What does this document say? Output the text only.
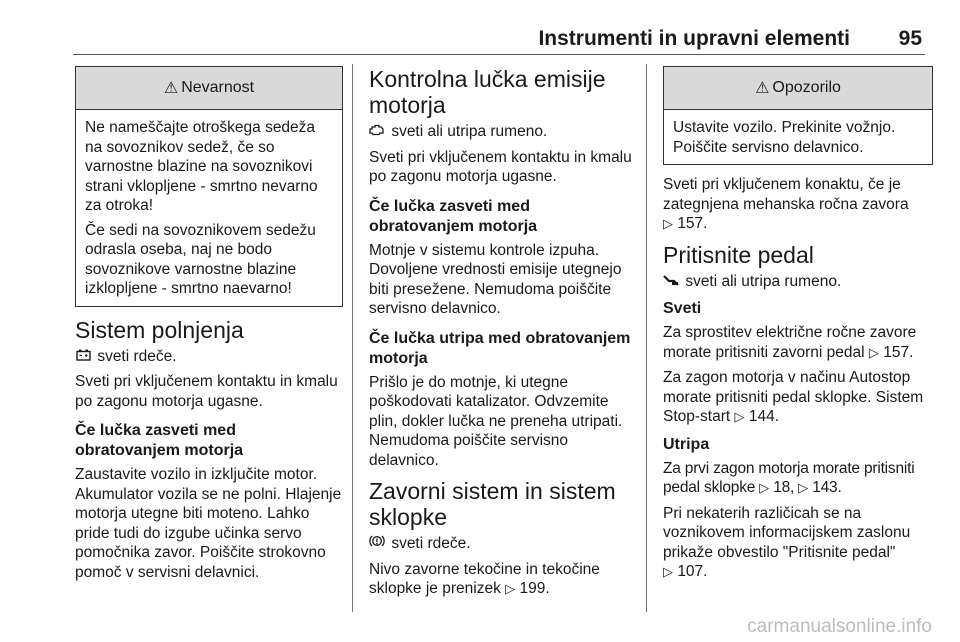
Instrumenti in upravni elementi 95
⚠ Nevarnost

Ne nameščajte otroškega sedeža na sovoznikov sedež, če so varnostne blazine na sovoznikovi strani vklopljene - smrtno nevarno za otroka!

Če sedi na sovoznikovem sedežu odrasla oseba, naj ne bodo sovoznikove varnostne blazine izklopljene - smrtno naevarno!

Sistem polnjenja

sveti rdeče.

Sveti pri vključenem kontaktu in kmalu po zagonu motorja ugasne.

Če lučka zasveti med obratovanjem motorja

Zaustavite vozilo in izključite motor. Akumulator vozila se ne polni. Hlajenje motorja utegne biti moteno. Lahko pride tudi do izgube učinka servo pomočnika zavor. Poiščite strokovno pomoč v servisni delavnici.

Kontrolna lučka emisije motorja

sveti ali utripa rumeno.

Sveti pri vključenem kontaktu in kmalu po zagonu motorja ugasne.

Če lučka zasveti med obratovanjem motorja

Motnje v sistemu kontrole izpuha. Dovoljene vrednosti emisije utegnejo biti presežene. Nemudoma poiščite servisno delavnico.

Če lučka utripa med obratovanjem motorja

Prišlo je do motnje, ki utegne poškodovati katalizator. Odvzemite plin, dokler lučka ne preneha utripati. Nemudoma poiščite servisno delavnico.

Zavorni sistem in sistem sklopke

sveti rdeče.

Nivo zavorne tekočine in tekočine sklopke je prenizek ▷ 199.

⚠ Opozorilo

Ustavite vozilo. Prekinite vožnjo. Poiščite servisno delavnico.

Sveti pri vključenem konaktu, če je zategnjena mehanska ročna zavora
▷ 157.

Pritisnite pedal

sveti ali utripa rumeno.

Sveti

Za sprostitev električne ročne zavore morate pritisniti zavorni pedal ▷ 157.

Za zagon motorja v načinu Autostop morate pritisniti pedal sklopke. Sistem Stop-start ▷ 144.

Utripa

Za prvi zagon motorja morate pritisniti pedal sklopke ▷ 18, ▷ 143.

Pri nekaterih različicah se na voznikovem informacijskem zaslonu prikaže obvestilo "Pritisnite pedal"
▷ 107.

carmanualsonline.info
